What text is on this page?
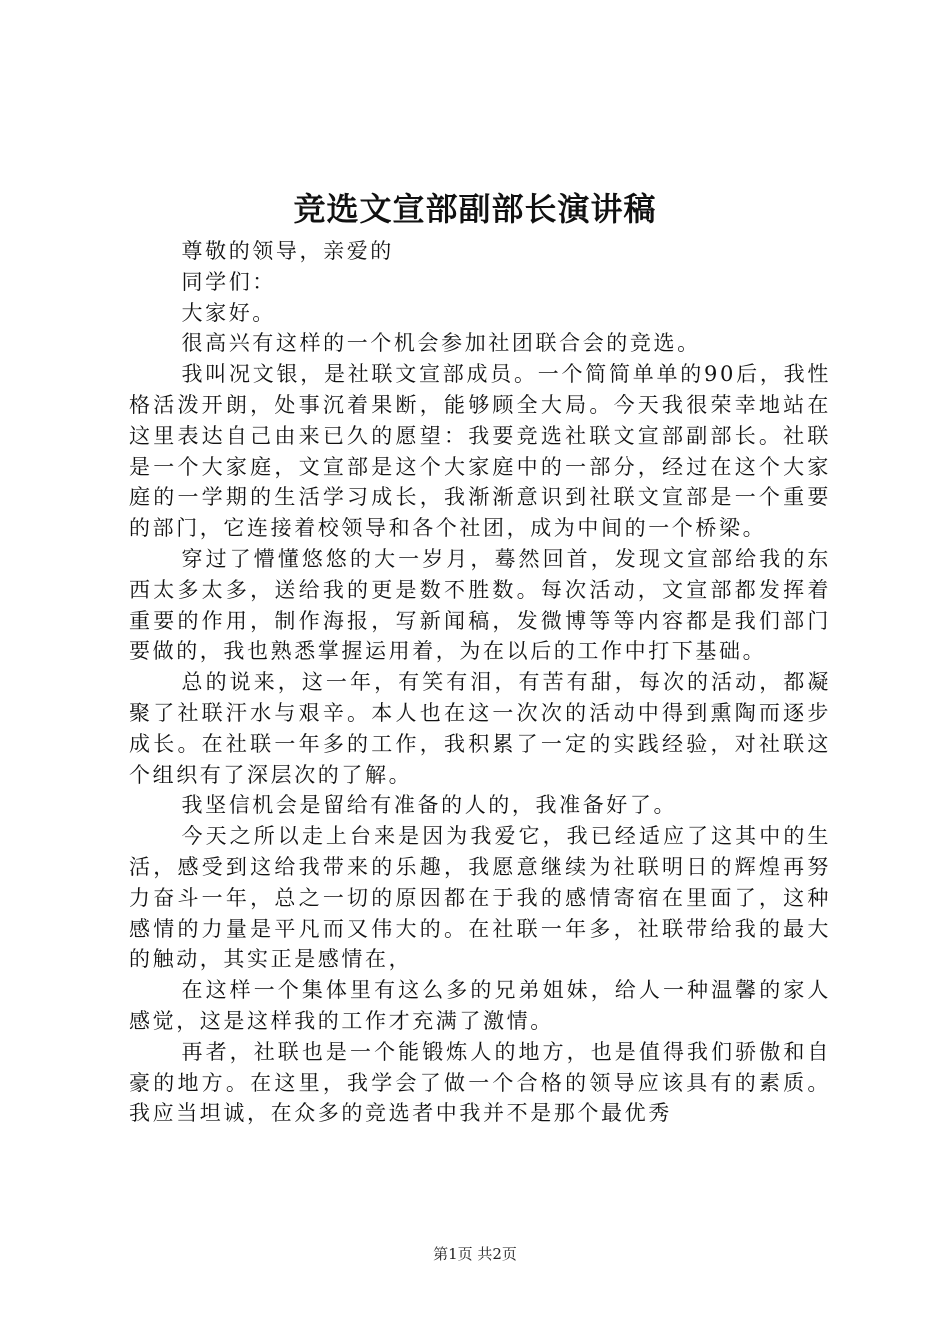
竞选文宣部副部长演讲稿

尊敬的领导，亲爱的

同学们：

大家好。

很高兴有这样的一个机会参加社团联合会的竞选。

我叫况文银，是社联文宣部成员。一个简简单单的90后，我性格活泼开朗，处事沉着果断，能够顾全大局。今天我很荣幸地站在这里表达自己由来已久的愿望：我要竞选社联文宣部副部长。社联是一个大家庭，文宣部是这个大家庭中的一部分，经过在这个大家庭的一学期的生活学习成长，我渐渐意识到社联文宣部是一个重要的部门，它连接着校领导和各个社团，成为中间的一个桥梁。

穿过了懵懂悠悠的大一岁月，蓦然回首，发现文宣部给我的东西太多太多，送给我的更是数不胜数。每次活动，文宣部都发挥着重要的作用，制作海报，写新闻稿，发微博等等内容都是我们部门要做的，我也熟悉掌握运用着，为在以后的工作中打下基础。

总的说来，这一年，有笑有泪，有苦有甜，每次的活动，都凝聚了社联汗水与艰辛。本人也在这一次次的活动中得到熏陶而逐步成长。在社联一年多的工作，我积累了一定的实践经验，对社联这个组织有了深层次的了解。

我坚信机会是留给有准备的人的，我准备好了。

今天之所以走上台来是因为我爱它，我已经适应了这其中的生活，感受到这给我带来的乐趣，我愿意继续为社联明日的辉煌再努力奋斗一年，总之一切的原因都在于我的感情寄宿在里面了，这种感情的力量是平凡而又伟大的。在社联一年多，社联带给我的最大的触动，其实正是感情在，

在这样一个集体里有这么多的兄弟姐妹，给人一种温馨的家人感觉，这是这样我的工作才充满了激情。

再者，社联也是一个能锻炼人的地方，也是值得我们骄傲和自豪的地方。在这里，我学会了做一个合格的领导应该具有的素质。我应当坦诚，在众多的竞选者中我并不是那个最优秀

第1页 共2页
